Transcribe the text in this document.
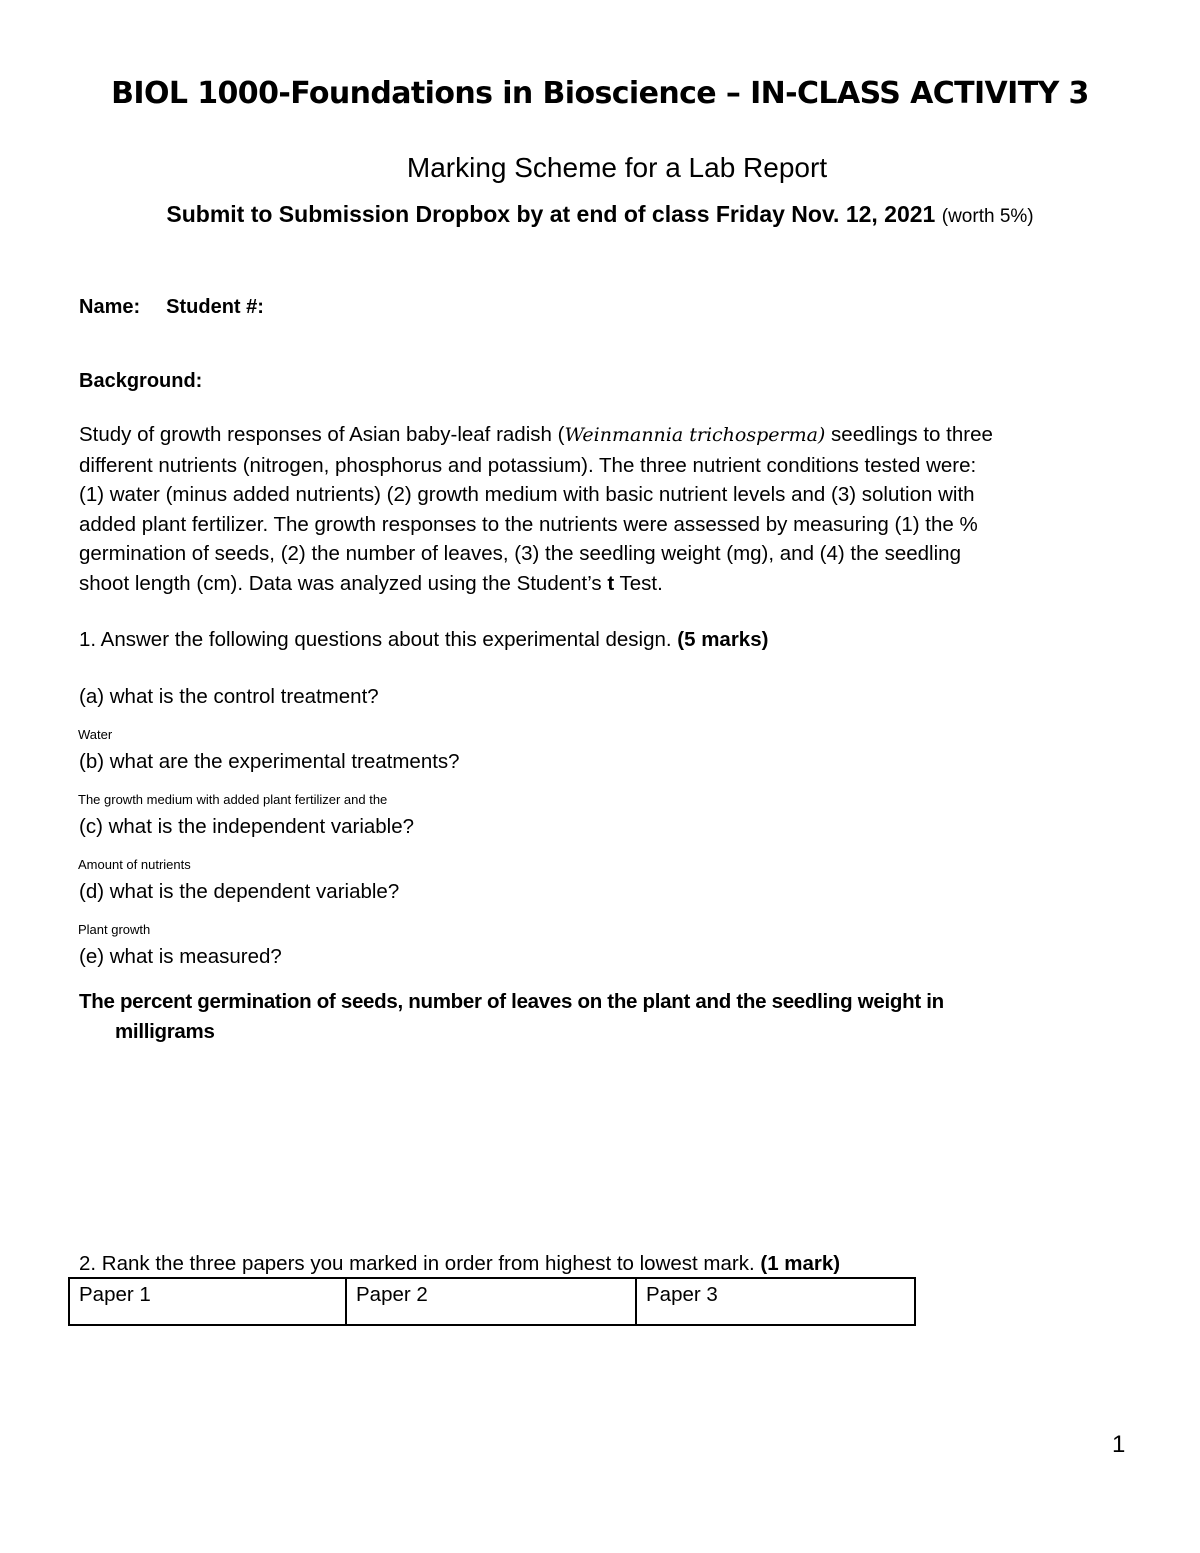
BIOL 1000-Foundations in Bioscience – IN-CLASS ACTIVITY 3

Marking Scheme for a Lab Report

Submit to Submission Dropbox by at end of class Friday Nov. 12, 2021 (worth 5%)

Name: Student #:

Background:

Study of growth responses of Asian baby-leaf radish (Weinmannia trichosperma) seedlings to three
different nutrients (nitrogen, phosphorus and potassium). The three nutrient conditions tested were:
(1) water (minus added nutrients) (2) growth medium with basic nutrient levels and (3) solution with
added plant fertilizer. The growth responses to the nutrients were assessed by measuring (1) the %
germination of seeds, (2) the number of leaves, (3) the seedling weight (mg), and (4) the seedling
shoot length (cm). Data was analyzed using the Student’s t Test.

1. Answer the following questions about this experimental design. (5 marks)

(a) what is the control treatment?

Water

(b) what are the experimental treatments?

The growth medium with added plant fertilizer and the

(c) what is the independent variable?

Amount of nutrients

(d) what is the dependent variable?

Plant growth

(e) what is measured?

The percent germination of seeds, number of leaves on the plant and the seedling weight in
milligrams

2. Rank the three papers you marked in order from highest to lowest mark. (1 mark)

Paper 1	Paper 2	Paper 3

1
